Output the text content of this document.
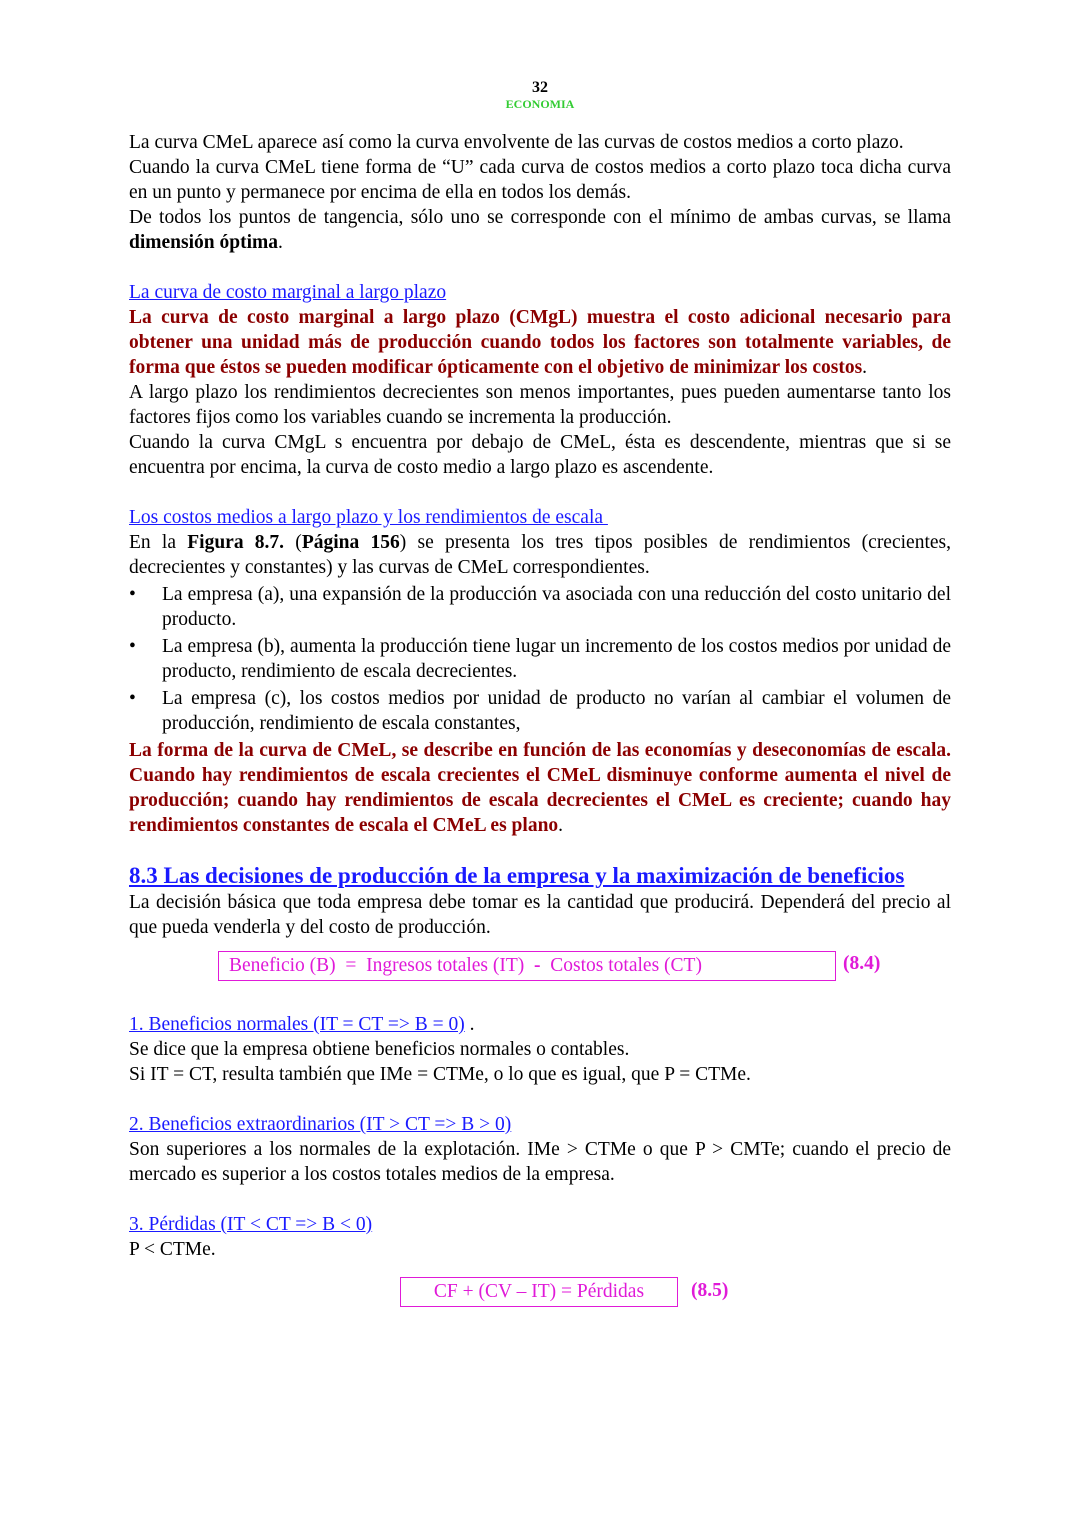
32
ECONOMIA

La curva CMeL aparece así como la curva envolvente de las curvas de costos medios a corto plazo.

Cuando la curva CMeL tiene forma de “U” cada curva de costos medios a corto plazo toca dicha curva en un punto y permanece por encima de ella en todos los demás.

De todos los puntos de tangencia, sólo uno se corresponde con el mínimo de ambas curvas, se llama dimensión óptima.

La curva de costo marginal a largo plazo

La curva de costo marginal a largo plazo (CMgL) muestra el costo adicional necesario para obtener una unidad más de producción cuando todos los factores son totalmente variables, de forma que éstos se pueden modificar ópticamente con el objetivo de minimizar los costos.

A largo plazo los rendimientos decrecientes son menos importantes, pues pueden aumentarse tanto los factores fijos como los variables cuando se incrementa la producción.

Cuando la curva CMgL s encuentra por debajo de CMeL, ésta es descendente, mientras que si se encuentra por encima, la curva de costo medio a largo plazo es ascendente.

Los costos medios a largo plazo y los rendimientos de escala

En la Figura 8.7. (Página 156) se presenta los tres tipos posibles de rendimientos (crecientes, decrecientes y constantes) y las curvas de CMeL correspondientes.

•	La empresa (a), una expansión de la producción va asociada con una reducción del costo unitario del producto.
•	La empresa (b), aumenta la producción tiene lugar un incremento de los costos medios por unidad de producto, rendimiento de escala decrecientes.
•	La empresa (c), los costos medios por unidad de producto no varían al cambiar el volumen de producción, rendimiento de escala constantes,

La forma de la curva de CMeL, se describe en función de las economías y deseconomías de escala. Cuando hay rendimientos de escala crecientes el CMeL disminuye conforme aumenta el nivel de producción; cuando hay rendimientos de escala decrecientes el CMeL es creciente; cuando hay rendimientos constantes de escala el CMeL es plano.

8.3 Las decisiones de producción de la empresa y la maximización de beneficios

La decisión básica que toda empresa debe tomar es la cantidad que producirá. Dependerá del precio al que pueda venderla y del costo de producción.

Beneficio (B)  =  Ingresos totales (IT) - Costos totales (CT)	(8.4)

1. Beneficios normales (IT = CT => B = 0) .

Se dice que la empresa obtiene beneficios normales o contables.

Si IT = CT, resulta también que IMe = CTMe, o lo que es igual, que P = CTMe.

2. Beneficios extraordinarios (IT > CT => B > 0)

Son superiores a los normales de la explotación. IMe > CTMe o que P > CMTe; cuando el precio de mercado es superior a los costos totales medios de la empresa.

3. Pérdidas (IT < CT => B < 0)

P < CTMe.

CF + (CV – IT) = Pérdidas	(8.5)
